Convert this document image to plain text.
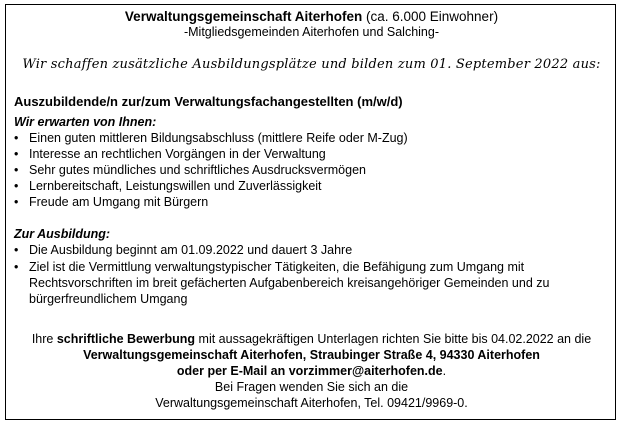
Verwaltungsgemeinschaft Aiterhofen (ca. 6.000 Einwohner)
-Mitgliedsgemeinden Aiterhofen und Salching-
Wir schaffen zusätzliche Ausbildungsplätze und bilden zum 01. September 2022 aus:
Auszubildende/n zur/zum Verwaltungsfachangestellten (m/w/d)
Wir erwarten von Ihnen:
• Einen guten mittleren Bildungsabschluss (mittlere Reife oder M-Zug)
• Interesse an rechtlichen Vorgängen in der Verwaltung
• Sehr gutes mündliches und schriftliches Ausdrucksvermögen
• Lernbereitschaft, Leistungswillen und Zuverlässigkeit
• Freude am Umgang mit Bürgern
Zur Ausbildung:
• Die Ausbildung beginnt am 01.09.2022 und dauert 3 Jahre
• Ziel ist die Vermittlung verwaltungstypischer Tätigkeiten, die Befähigung zum Umgang mit
Rechtsvorschriften im breit gefächerten Aufgabenbereich kreisangehöriger Gemeinden und zu
bürgerfreundlichem Umgang
Ihre schriftliche Bewerbung mit aussagekräftigen Unterlagen richten Sie bitte bis 04.02.2022 an die
Verwaltungsgemeinschaft Aiterhofen, Straubinger Straße 4, 94330 Aiterhofen
oder per E-Mail an vorzimmer@aiterhofen.de.
Bei Fragen wenden Sie sich an die
Verwaltungsgemeinschaft Aiterhofen, Tel. 09421/9969-0.
